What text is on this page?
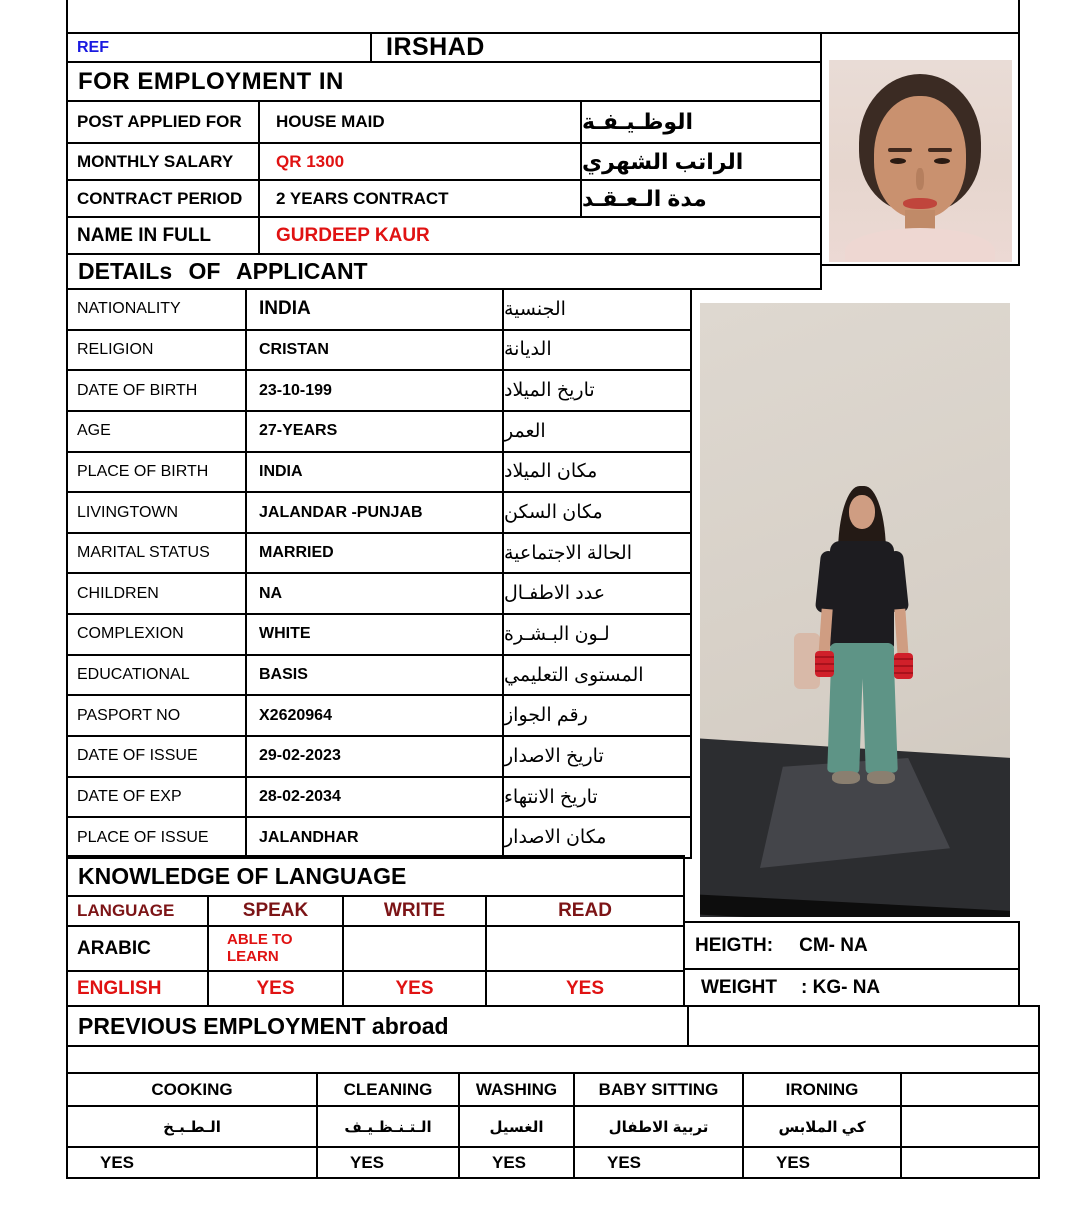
REF	IRSHAD
FOR EMPLOYMENT IN
POST APPLIED FOR	HOUSE MAID	الوظـيـفـة
MONTHLY SALARY	QR 1300	الراتب الشهري
CONTRACT PERIOD	2 YEARS CONTRACT	مدة الـعـقـد
NAME IN FULL	GURDEEP KAUR
DETAILs OF APPLICANT
NATIONALITY	INDIA	الجنسية
RELIGION	CRISTAN	الديانة
DATE OF BIRTH	23-10-199	تاريخ الميلاد
AGE	27-YEARS	العمر
PLACE OF BIRTH	INDIA	مكان الميلاد
LIVINGTOWN	JALANDAR -PUNJAB	مكان السكن
MARITAL STATUS	MARRIED	الحالة الاجتماعية
CHILDREN	NA	عدد الاطفـال
COMPLEXION	WHITE	لـون البـشـرة
EDUCATIONAL	BASIS	المستوى التعليمي
PASPORT NO	X2620964	رقم الجواز
DATE OF ISSUE	29-02-2023	تاريخ الاصدار
DATE OF EXP	28-02-2034	تاريخ الانتهاء
PLACE OF ISSUE	JALANDHAR	مكان الاصدار
KNOWLEDGE OF LANGUAGE
LANGUAGE	SPEAK	WRITE	READ
ARABIC	ABLE TO LEARN
ENGLISH	YES	YES	YES
HEIGTH: CM- NA
WEIGHT : KG- NA
PREVIOUS EMPLOYMENT abroad
COOKING	CLEANING	WASHING	BABY SITTING	IRONING
الـطـبـخ	الـتـنـظـيـف	الغسيل	تربية الاطفال	كي الملابس
YES	YES	YES	YES	YES
